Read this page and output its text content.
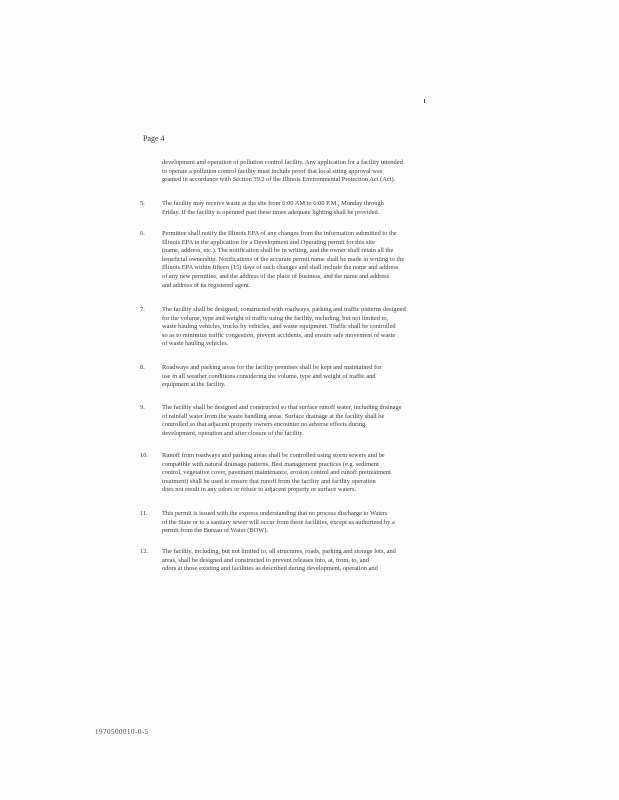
Page 4
development and operation of pollution control facility. Any application for a facility intended
to operate a pollution control facility must include proof that local siting approval was
granted in accordance with Section 39.2 of the Illinois Environmental Protection Act (Act).
5.	The facility may receive waste at the site from 6:00 AM to 6:00 P.M., Monday through
Friday. If the facility is operated past these times adequate lighting shall be provided.
6.	Permittee shall notify the Illinois EPA of any changes from the information submitted to the
Illinois EPA in the application for a Development and Operating permit for this site
(name, address, etc.). The notification shall be in writing, and the owner shall retain all the
beneficial ownership. Notifications of the accurate permit name shall be made in writing to the
Illinois EPA within fifteen (15) days of such changes and shall include the name and address
of any new permittee, and the address of the place of business, and the name and address
and address of its registered agent.
7.	The facility shall be designed, constructed with roadways, parking and traffic patterns designed
for the volume, type and weight of traffic using the facility, including, but not limited to,
waste hauling vehicles, trucks by vehicles, and waste equipment. Traffic shall be controlled
so as to minimize traffic congestion, prevent accidents, and ensure safe movement of waste
of waste hauling vehicles.
8.	Roadways and parking areas for the facility premises shall be kept and maintained for
use in all weather conditions considering the volume, type and weight of traffic and
equipment at the facility.
9.	The facility shall be designed and constructed so that surface runoff water, including drainage
of rainfall water from the waste handling areas. Surface drainage at the facility shall be
controlled so that adjacent property owners encounter no adverse effects during
development, operation and after closure of the facility.
10.	Runoff from roadways and parking areas shall be controlled using storm sewers and be
compatible with natural drainage patterns. Best management practices (e.g. sediment
control, vegetative cover, pavement maintenance, erosion control and runoff pretreatment
treatment) shall be used to ensure that runoff from the facility and facility operation
does not result in any odors or refuse to adjacent property or surface waters.
11.	This permit is issued with the express understanding that no process discharge to Waters
of the State or to a sanitary sewer will occur from these facilities, except as authorized by a
permit from the Bureau of Water (BOW).
12.	The facility, including, but not limited to, all structures, roads, parking and storage lots, and
areas, shall be designed and constructed to prevent releases into, at, from, to, and
odors at those existing and facilities as described during development, operation and
1970500010-0-5
